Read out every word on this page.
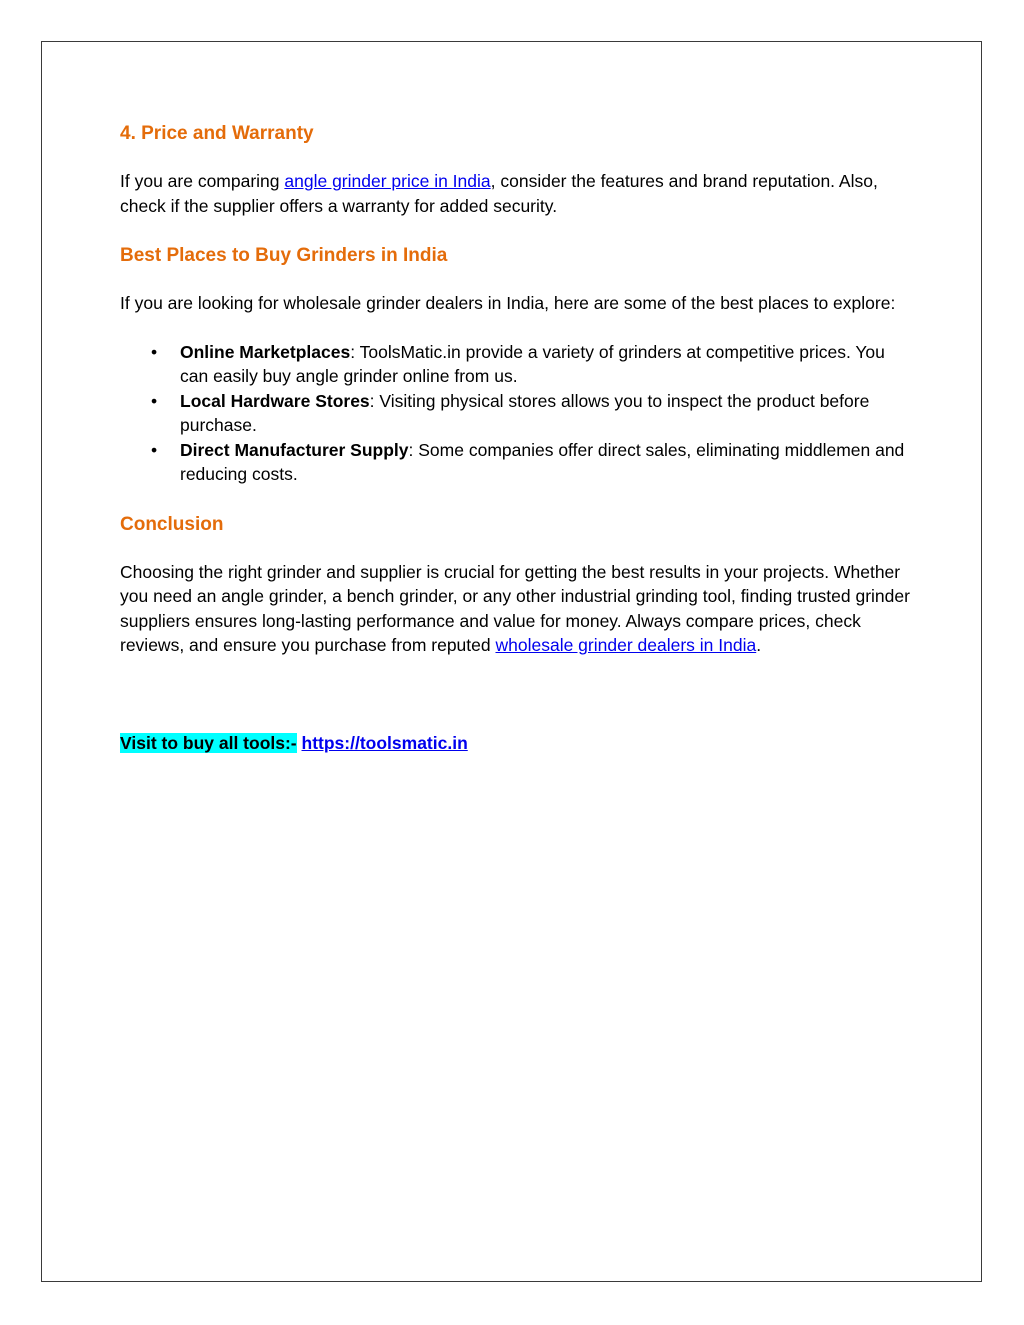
4. Price and Warranty

If you are comparing angle grinder price in India, consider the features and brand reputation. Also, check if the supplier offers a warranty for added security.

Best Places to Buy Grinders in India

If you are looking for wholesale grinder dealers in India, here are some of the best places to explore:

• Online Marketplaces: ToolsMatic.in provide a variety of grinders at competitive prices. You can easily buy angle grinder online from us.
• Local Hardware Stores: Visiting physical stores allows you to inspect the product before purchase.
• Direct Manufacturer Supply: Some companies offer direct sales, eliminating middlemen and reducing costs.
Conclusion

Choosing the right grinder and supplier is crucial for getting the best results in your projects. Whether you need an angle grinder, a bench grinder, or any other industrial grinding tool, finding trusted grinder suppliers ensures long-lasting performance and value for money. Always compare prices, check reviews, and ensure you purchase from reputed wholesale grinder dealers in India.

Visit to buy all tools:- https://toolsmatic.in
